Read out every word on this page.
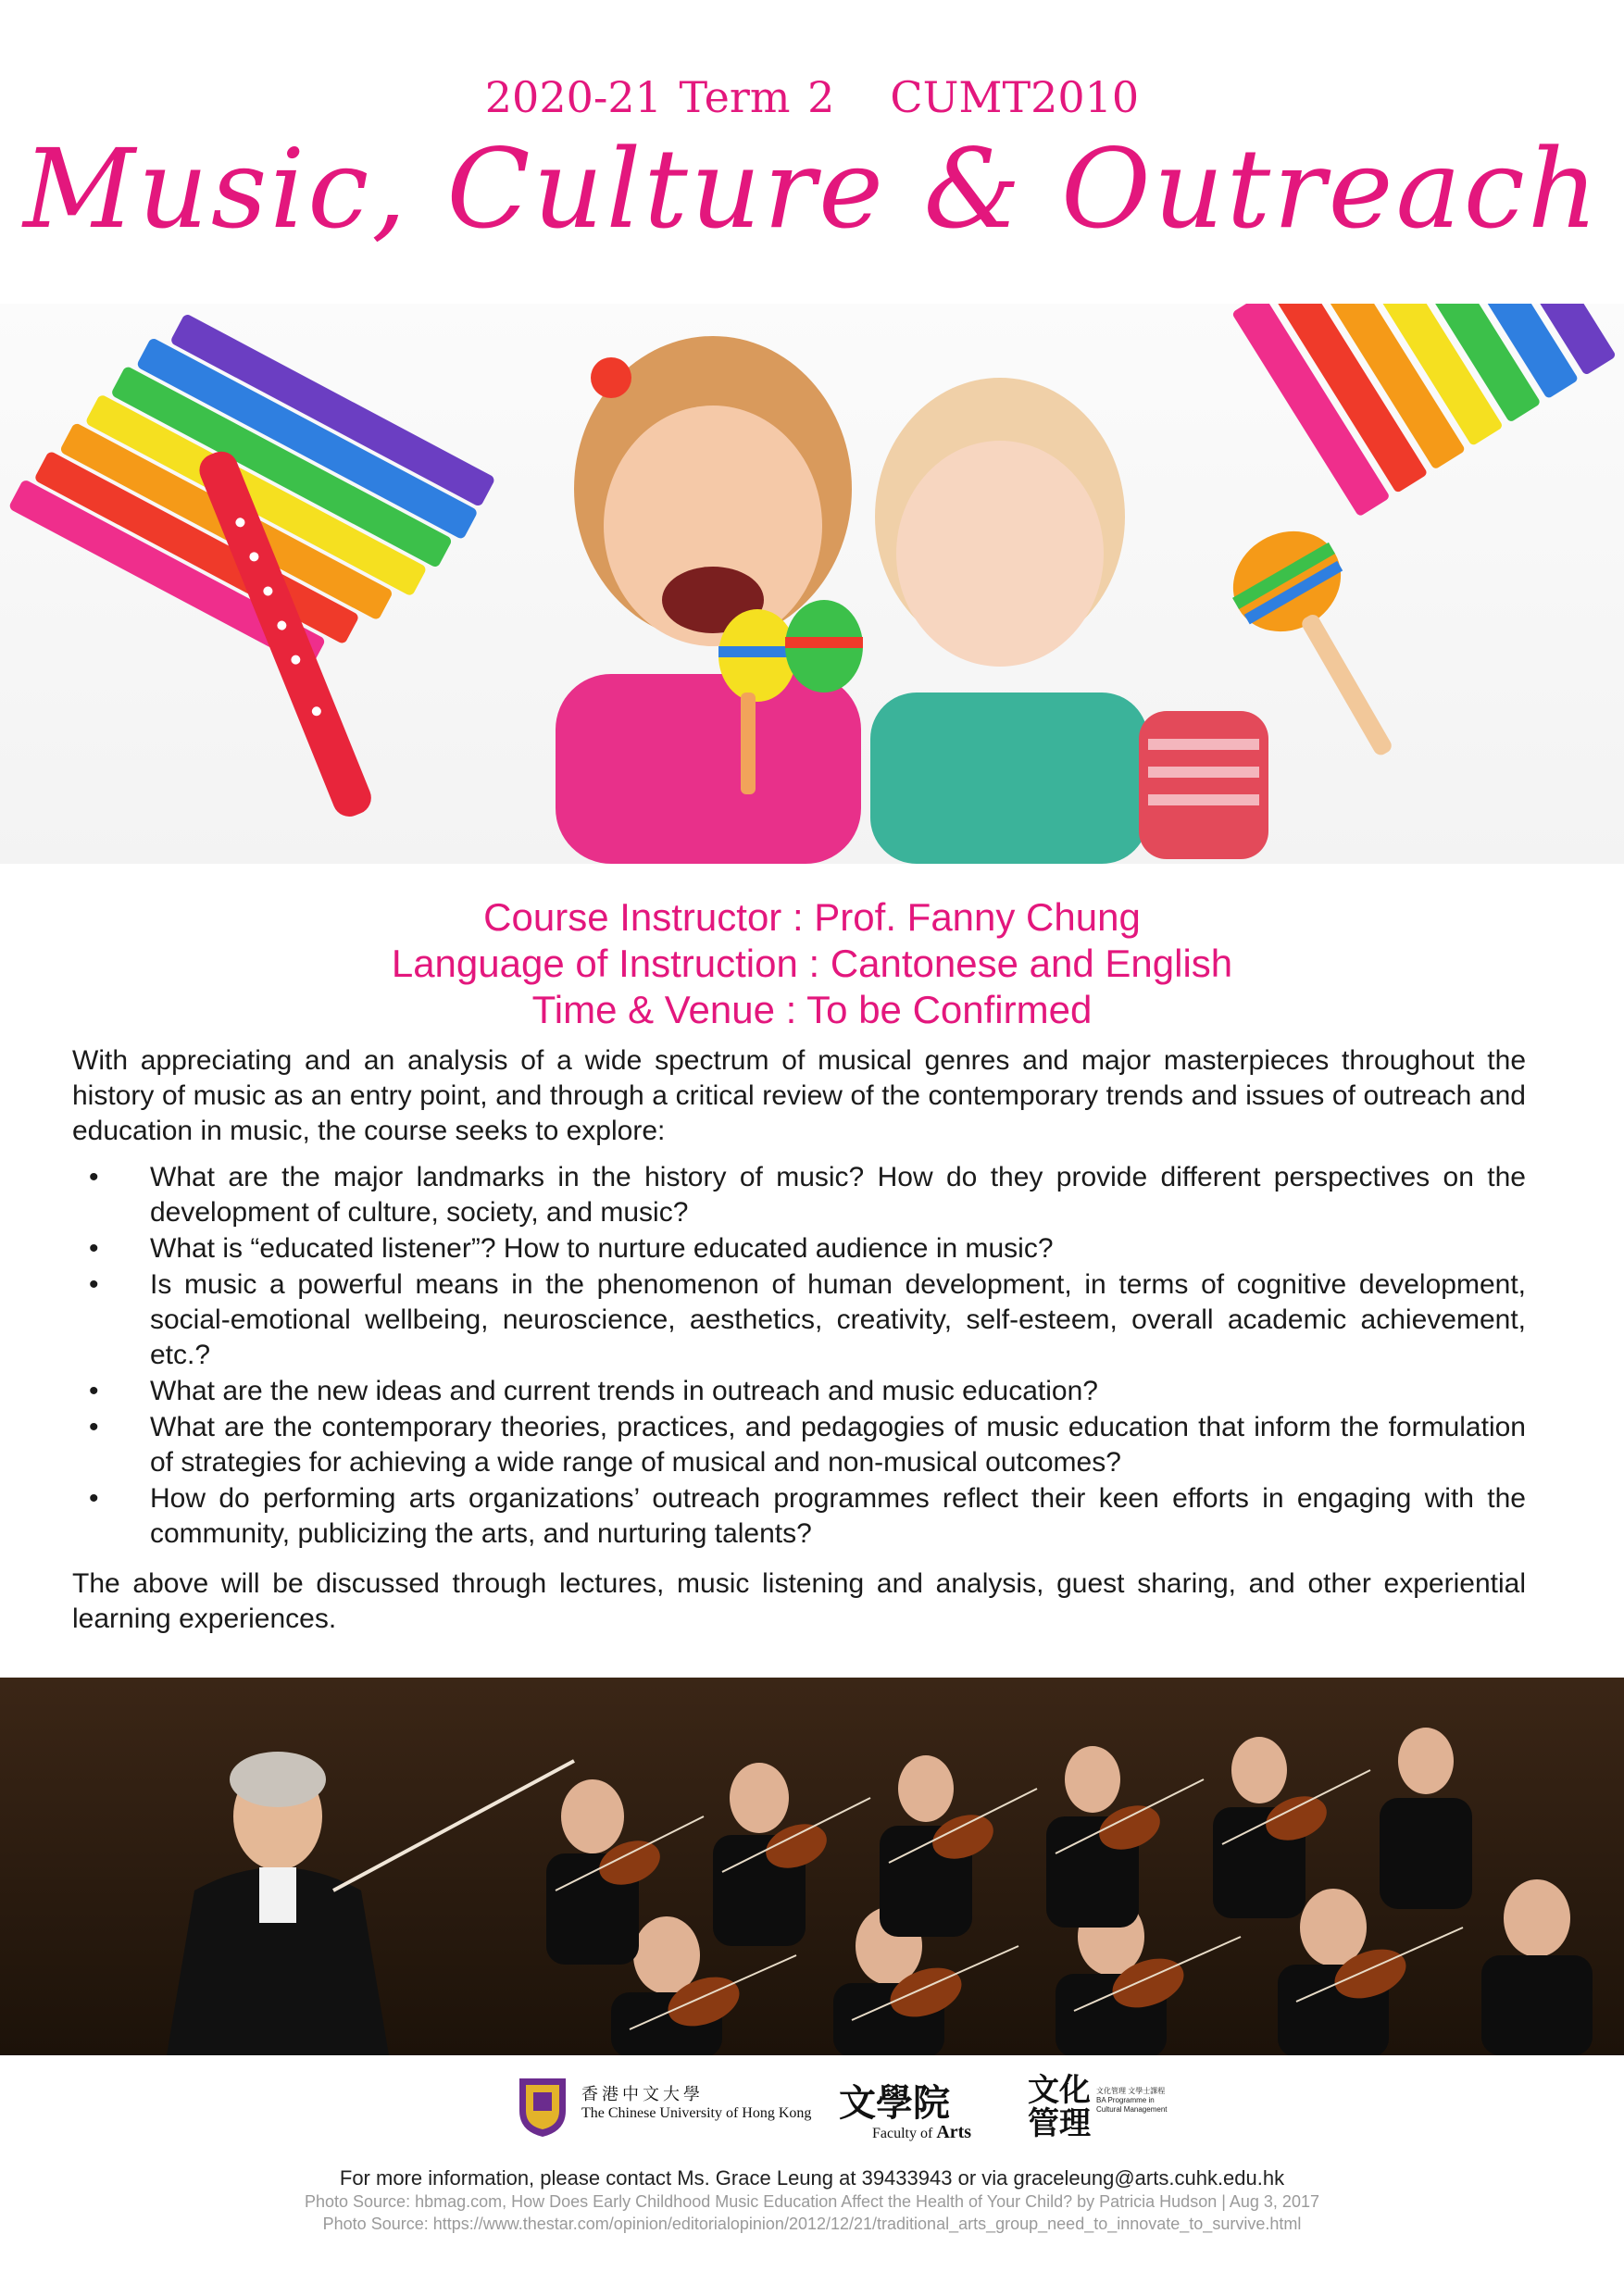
2020-21 Term 2 CUMT2010
Music, Culture & Outreach
Course Instructor : Prof. Fanny Chung
Language of Instruction : Cantonese and English
Time & Venue : To be Confirmed
With appreciating and an analysis of a wide spectrum of musical genres and major masterpieces throughout the history of music as an entry point, and through a critical review of the contemporary trends and issues of outreach and education in music, the course seeks to explore:
• What are the major landmarks in the history of music? How do they provide different perspectives on the development of culture, society, and music?
• What is “educated listener”? How to nurture educated audience in music?
• Is music a powerful means in the phenomenon of human development, in terms of cognitive development, social-emotional wellbeing, neuroscience, aesthetics, creativity, self-esteem, overall academic achievement, etc.?
• What are the new ideas and current trends in outreach and music education?
• What are the contemporary theories, practices, and pedagogies of music education that inform the formulation of strategies for achieving a wide range of musical and non-musical outcomes?
• How do performing arts organizations’ outreach programmes reflect their keen efforts in engaging with the community, publicizing the arts, and nurturing talents?
The above will be discussed through lectures, music listening and analysis, guest sharing, and other experiential learning experiences.
香港中文大學
The Chinese University of Hong Kong 文學院
Faculty of Arts
文化管理
文化管理 文學士課程 BA Programme in Cultural Management
For more information, please contact Ms. Grace Leung at 39433943 or via graceleung@arts.cuhk.edu.hk
Photo Source: hbmag.com, How Does Early Childhood Music Education Affect the Health of Your Child? by Patricia Hudson | Aug 3, 2017
Photo Source: https://www.thestar.com/opinion/editorialopinion/2012/12/21/traditional_arts_group_need_to_innovate_to_survive.html
